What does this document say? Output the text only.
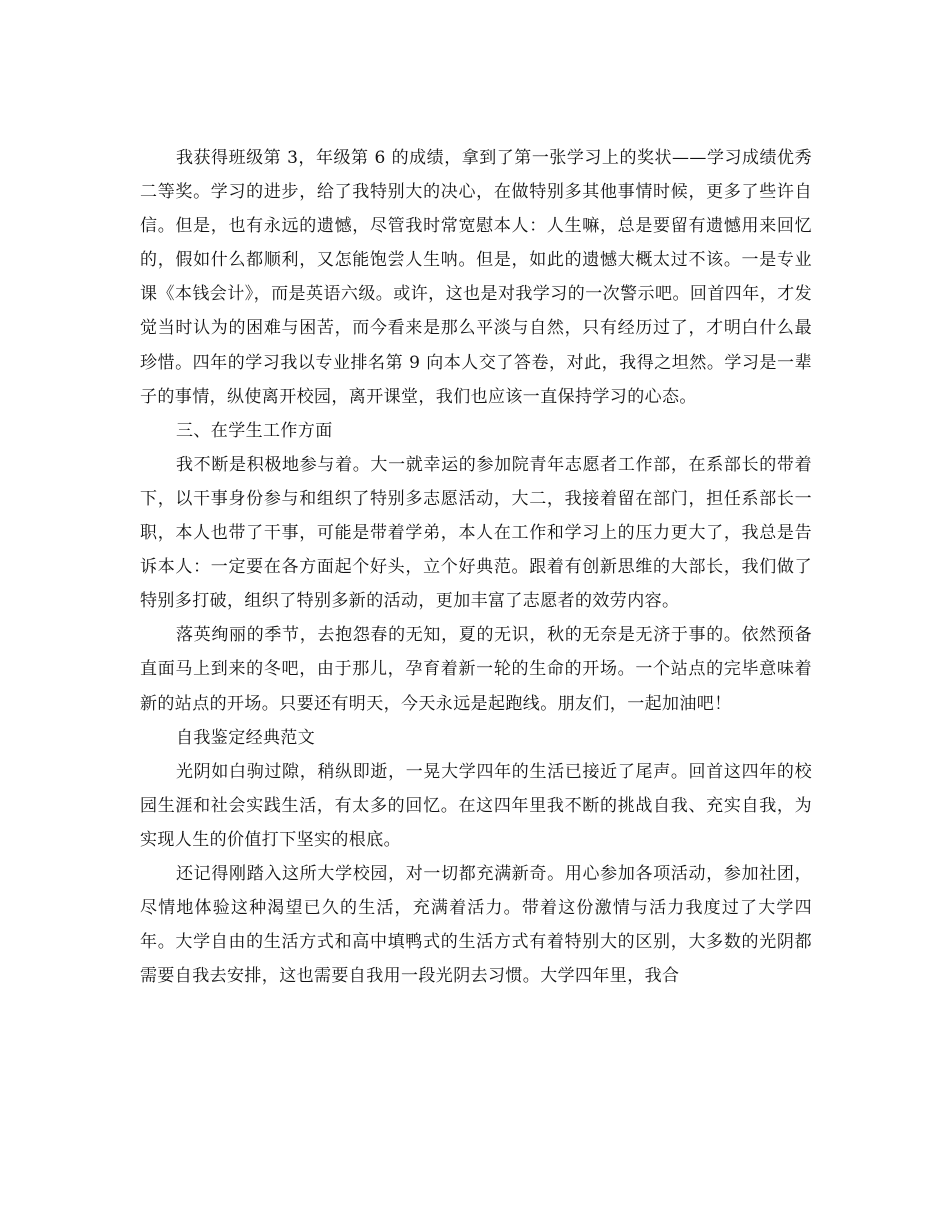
我获得班级第 3，年级第 6 的成绩，拿到了第一张学习上的奖状——学习成绩优秀二等奖。学习的进步，给了我特别大的决心，在做特别多其他事情时候，更多了些许自信。但是，也有永远的遗憾，尽管我时常宽慰本人：人生嘛，总是要留有遗憾用来回忆的，假如什么都顺利，又怎能饱尝人生呐。但是，如此的遗憾大概太过不该。一是专业课《本钱会计》，而是英语六级。或许，这也是对我学习的一次警示吧。回首四年，才发觉当时认为的困难与困苦，而今看来是那么平淡与自然，只有经历过了，才明白什么最珍惜。四年的学习我以专业排名第 9 向本人交了答卷，对此，我得之坦然。学习是一辈子的事情，纵使离开校园，离开课堂，我们也应该一直保持学习的心态。

三、在学生工作方面

我不断是积极地参与着。大一就幸运的参加院青年志愿者工作部，在系部长的带着下，以干事身份参与和组织了特别多志愿活动，大二，我接着留在部门，担任系部长一职，本人也带了干事，可能是带着学弟，本人在工作和学习上的压力更大了，我总是告诉本人：一定要在各方面起个好头，立个好典范。跟着有创新思维的大部长，我们做了特别多打破，组织了特别多新的活动，更加丰富了志愿者的效劳内容。

落英绚丽的季节，去抱怨春的无知，夏的无识，秋的无奈是无济于事的。依然预备直面马上到来的冬吧，由于那儿，孕育着新一轮的生命的开场。一个站点的完毕意味着新的站点的开场。只要还有明天，今天永远是起跑线。朋友们，一起加油吧！

自我鉴定经典范文

光阴如白驹过隙，稍纵即逝，一晃大学四年的生活已接近了尾声。回首这四年的校园生涯和社会实践生活，有太多的回忆。在这四年里我不断的挑战自我、充实自我，为实现人生的价值打下坚实的根底。

还记得刚踏入这所大学校园，对一切都充满新奇。用心参加各项活动，参加社团，尽情地体验这种渴望已久的生活，充满着活力。带着这份激情与活力我度过了大学四年。大学自由的生活方式和高中填鸭式的生活方式有着特别大的区别，大多数的光阴都需要自我去安排，这也需要自我用一段光阴去习惯。大学四年里，我合
